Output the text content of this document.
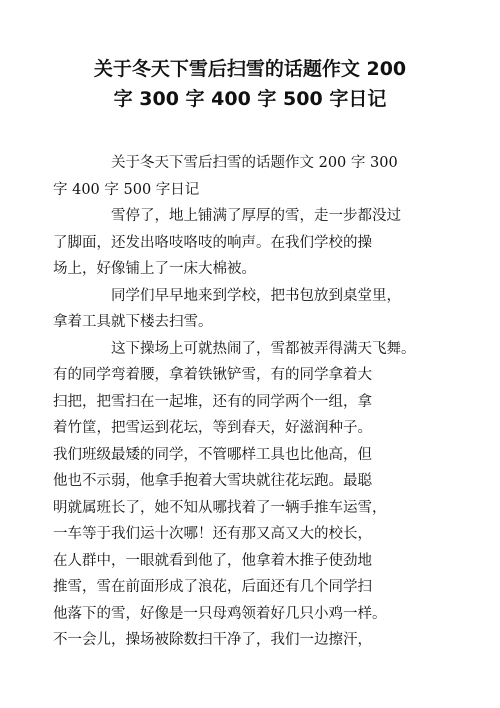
关于冬天下雪后扫雪的话题作文 200
字 300 字 400 字 500 字日记

关于冬天下雪后扫雪的话题作文 200 字 300
字 400 字 500 字日记

雪停了，地上铺满了厚厚的雪，走一步都没过
了脚面，还发出咯吱咯吱的响声。在我们学校的操
场上，好像铺上了一床大棉被。

同学们早早地来到学校，把书包放到桌堂里，
拿着工具就下楼去扫雪。

这下操场上可就热闹了，雪都被弄得满天飞舞。
有的同学弯着腰，拿着铁锹铲雪，有的同学拿着大
扫把，把雪扫在一起堆，还有的同学两个一组，拿
着竹筐，把雪运到花坛，等到春天，好滋润种子。
我们班级最矮的同学，不管哪样工具也比他高，但
他也不示弱，他拿手抱着大雪块就往花坛跑。最聪
明就属班长了，她不知从哪找着了一辆手推车运雪，
一车等于我们运十次哪！还有那又高又大的校长，
在人群中，一眼就看到他了，他拿着木推子使劲地
推雪，雪在前面形成了浪花，后面还有几个同学扫
他落下的雪，好像是一只母鸡领着好几只小鸡一样。
不一会儿，操场被除数扫干净了，我们一边擦汗，
